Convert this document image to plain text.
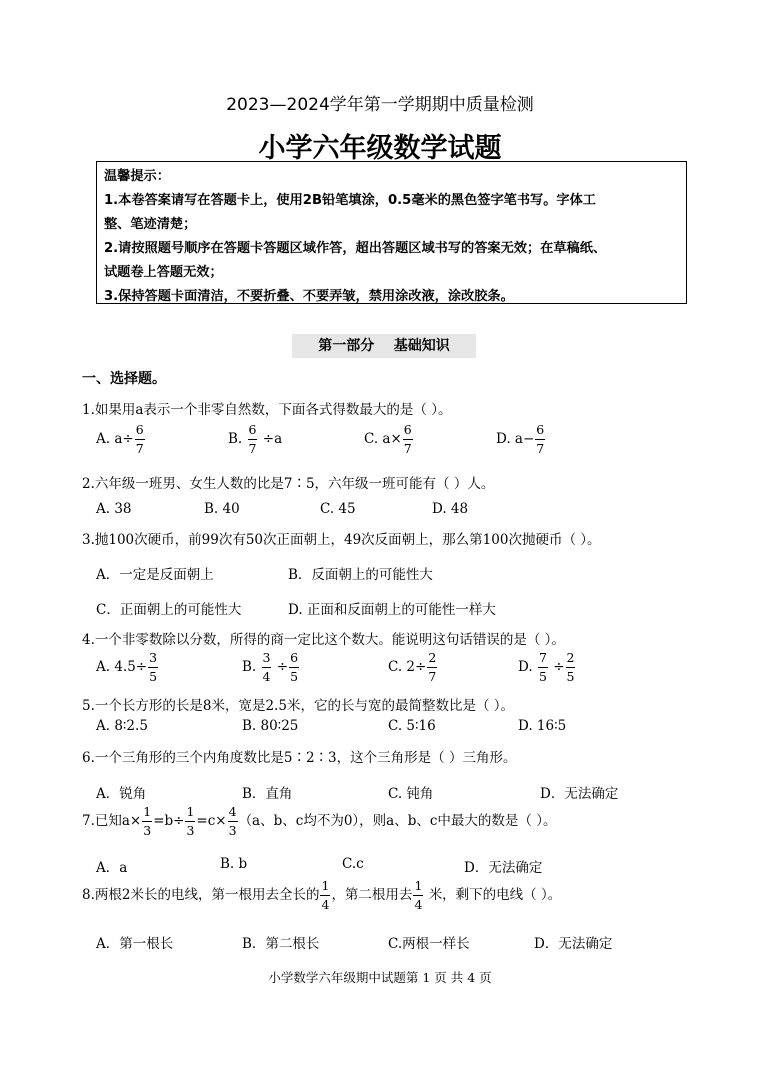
2023—2024学年第一学期期中质量检测
小学六年级数学试题
温馨提示：
1.本卷答案请写在答题卡上，使用2B铅笔填涂，0.5毫米的黑色签字笔书写。字体工
整、笔迹清楚；
2.请按照题号顺序在答题卡答题区域作答，超出答题区域书写的答案无效；在草稿纸、
试题卷上答题无效；
3.保持答题卡面清洁，不要折叠、不要弄皱，禁用涂改液，涂改胶条。
第一部分    基础知识
一、选择题。
1.如果用a表示一个非零自然数，下面各式得数最大的是（ ）。
A. $a\div \frac{6}{7}$	B. $\frac{6}{7} \div a$	C. $a\times \frac{6}{7}$	D. $a- \frac{6}{7}$
2.六年级一班男、女生人数的比是7∶5，六年级一班可能有（ ）人。
A. 38	B. 40	C. 45	D. 48
3.抛100次硬币，前99次有50次正面朝上，49次反面朝上，那么第100次抛硬币（ ）。
A．一定是反面朝上	B．反面朝上的可能性大
C．正面朝上的可能性大	D. 正面和反面朝上的可能性一样大
4.一个非零数除以分数，所得的商一定比这个数大。能说明这句话错误的是（ ）。
A. $4.5\div \frac{3}{5}$	B. $\frac{3}{4} \div \frac{6}{5}$	C. $2\div \frac{2}{7}$	D. $\frac{7}{5} \div \frac{2}{5}$
5.一个长方形的长是8米，宽是2.5米，它的长与宽的最简整数比是（ ）。
A. 8∶2.5	B. 80∶25	C. 5∶16	D. 16∶5
6.一个三角形的三个内角度数比是5∶2∶3，这个三角形是（ ）三角形。
A．锐角	B．直角	C. 钝角	D．无法确定
7.已知$a\times \frac{1}{3} =b\div \frac{1}{3} =c\times \frac{4}{3} (a$、b、c均不为0），则a、b、c中最大的数是（ ）。
A．a	B. b	C.c	D．无法确定
8.两根2米长的电线，第一根用去全长的 $\frac{1}{4}$ ，第二根用去 $\frac{1}{4}$ 米，剩下的电线（ ）。
A．第一根长	B．第二根长	C.两根一样长	D．无法确定
小学数学六年级期中试题第 1 页 共 4 页
